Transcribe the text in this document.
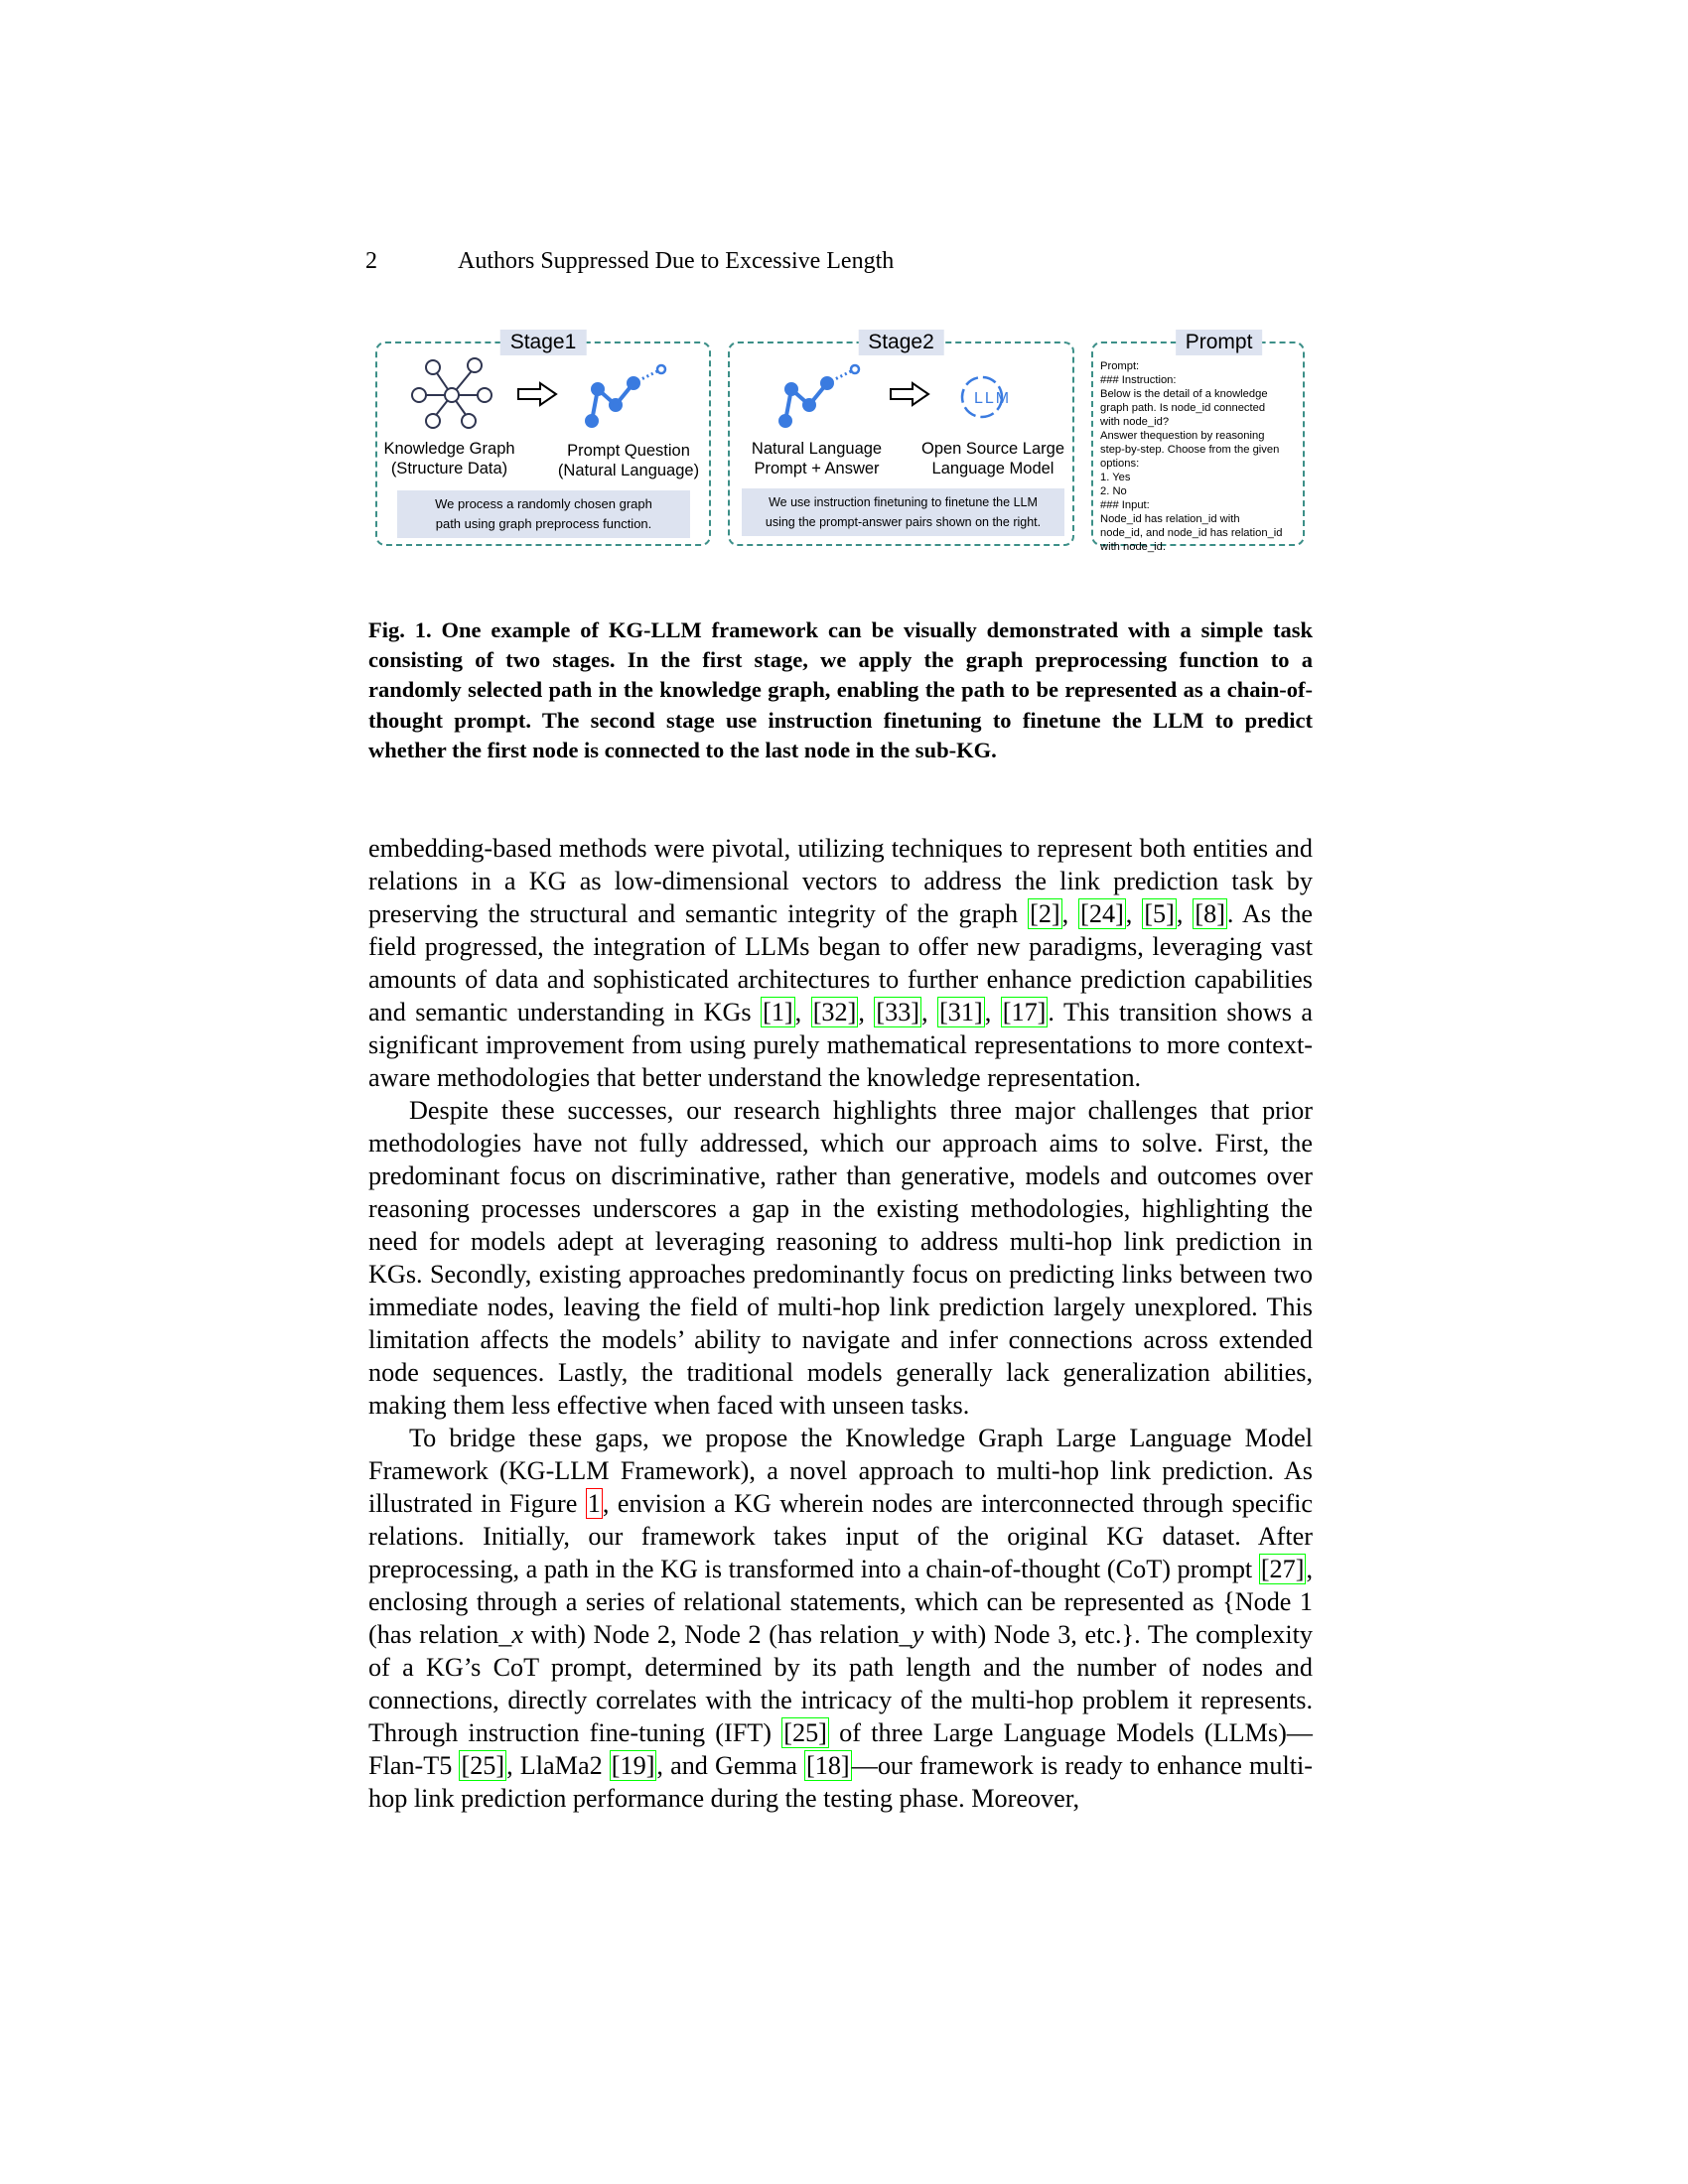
2	Authors Suppressed Due to Excessive Length
Stage1
Knowledge Graph
(Structure Data)
Prompt Question
(Natural Language)
We process a randomly chosen graph
path using graph preprocess function.
Stage2
LLM
Natural Language
Prompt + Answer
Open Source Large
Language Model
We use instruction finetuning to finetune the LLM
using the prompt-answer pairs shown on the right.
Prompt
Prompt:
### Instruction:
Below is the detail of a knowledge
graph path. Is node_id connected
with node_id?
Answer thequestion by reasoning
step-by-step. Choose from the given
options:
1. Yes
2. No
### Input:
Node_id has relation_id with
node_id, and node_id has relation_id
with node_id.
Fig. 1. One example of KG-LLM framework can be visually demonstrated with a simple task consisting of two stages. In the first stage, we apply the graph preprocessing function to a randomly selected path in the knowledge graph, enabling the path to be represented as a chain-of-thought prompt. The second stage use instruction finetuning to finetune the LLM to predict whether the first node is connected to the last node in the sub-KG.

embedding-based methods were pivotal, utilizing techniques to represent both entities and relations in a KG as low-dimensional vectors to address the link prediction task by preserving the structural and semantic integrity of the graph [2], [24], [5], [8]. As the field progressed, the integration of LLMs began to offer new paradigms, leveraging vast amounts of data and sophisticated architectures to further enhance prediction capabilities and semantic understanding in KGs [1], [32], [33], [31], [17]. This transition shows a significant improvement from using purely mathematical representations to more context-aware methodologies that better understand the knowledge representation.

Despite these successes, our research highlights three major challenges that prior methodologies have not fully addressed, which our approach aims to solve. First, the predominant focus on discriminative, rather than generative, models and outcomes over reasoning processes underscores a gap in the existing methodologies, highlighting the need for models adept at leveraging reasoning to address multi-hop link prediction in KGs. Secondly, existing approaches predominantly focus on predicting links between two immediate nodes, leaving the field of multi-hop link prediction largely unexplored. This limitation affects the models’ ability to navigate and infer connections across extended node sequences. Lastly, the traditional models generally lack generalization abilities, making them less effective when faced with unseen tasks.

To bridge these gaps, we propose the Knowledge Graph Large Language Model Framework (KG-LLM Framework), a novel approach to multi-hop link prediction. As illustrated in Figure 1, envision a KG wherein nodes are interconnected through specific relations. Initially, our framework takes input of the original KG dataset. After preprocessing, a path in the KG is transformed into a chain-of-thought (CoT) prompt [27], enclosing through a series of relational statements, which can be represented as {Node 1 (has relation_x with) Node 2, Node 2 (has relation_y with) Node 3, etc.}. The complexity of a KG’s CoT prompt, determined by its path length and the number of nodes and connections, directly correlates with the intricacy of the multi-hop problem it represents. Through instruction fine-tuning (IFT) [25] of three Large Language Models (LLMs)—Flan-T5 [25], LlaMa2 [19], and Gemma [18]—our framework is ready to enhance multi-hop link prediction performance during the testing phase. Moreover,
